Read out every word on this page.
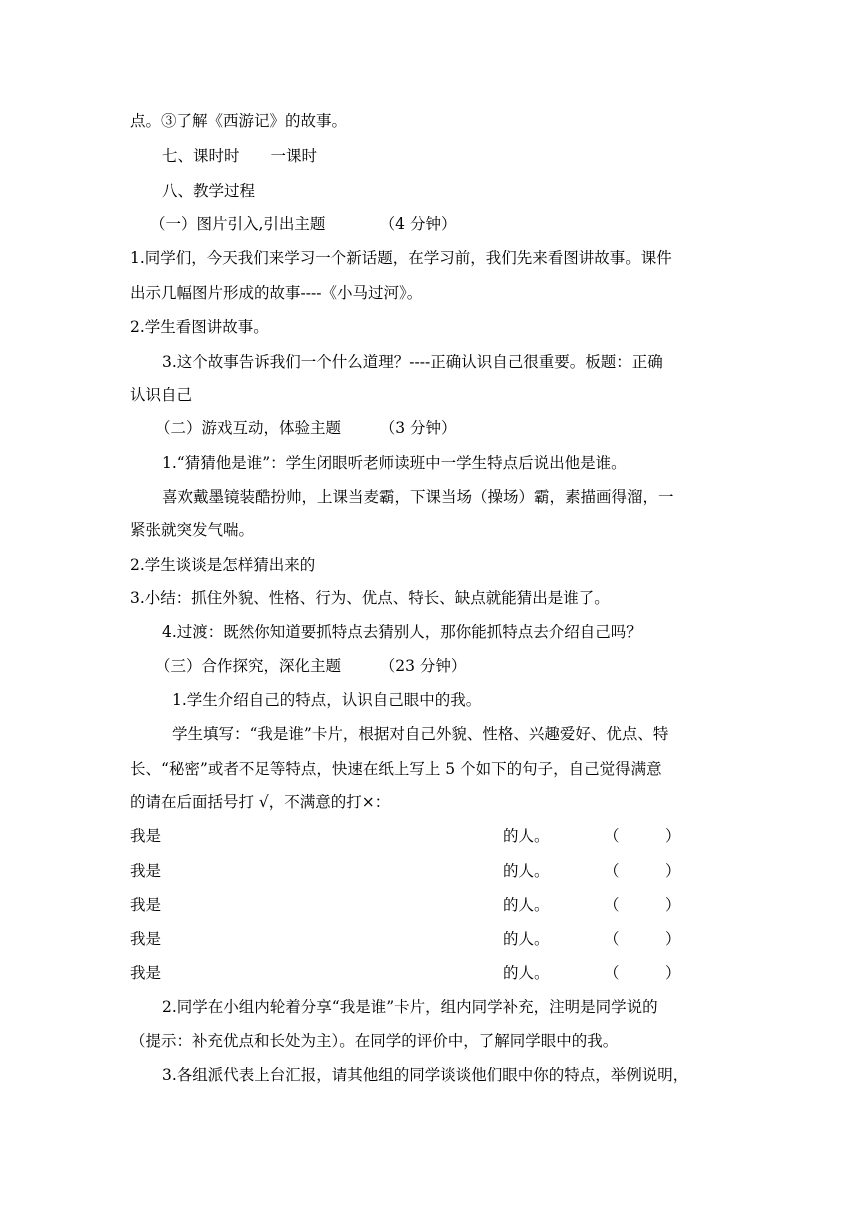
点。③了解《西游记》的故事。
七、课时时　　一课时
八、教学过程
（一）图片引入,引出主题　　　　（4 分钟）
1.同学们，今天我们来学习一个新话题，在学习前，我们先来看图讲故事。课件
出示几幅图片形成的故事----《小马过河》。
2.学生看图讲故事。
3.这个故事告诉我们一个什么道理？----正确认识自己很重要。板题：正确
认识自己
（二）游戏互动，体验主题　　　（3 分钟）
1.“猜猜他是谁”：学生闭眼听老师读班中一学生特点后说出他是谁。
喜欢戴墨镜装酷扮帅，上课当麦霸，下课当场（操场）霸，素描画得溜，一
紧张就突发气喘。
2.学生谈谈是怎样猜出来的
3.小结：抓住外貌、性格、行为、优点、特长、缺点就能猜出是谁了。
4.过渡：既然你知道要抓特点去猜别人，那你能抓特点去介绍自己吗？
（三）合作探究，深化主题　　　（23 分钟）
1.学生介绍自己的特点，认识自己眼中的我。
学生填写：“我是谁”卡片，根据对自己外貌、性格、兴趣爱好、优点、特
长、“秘密”或者不足等特点，快速在纸上写上 5 个如下的句子，自己觉得满意
的请在后面括号打 √，不满意的打×：
我是	的人。	（	）
我是	的人。	（	）
我是	的人。	（	）
我是	的人。	（	）
我是	的人。	（	）
2.同学在小组内轮着分享“我是谁”卡片，组内同学补充，注明是同学说的
（提示：补充优点和长处为主）。在同学的评价中，了解同学眼中的我。
3.各组派代表上台汇报，请其他组的同学谈谈他们眼中你的特点，举例说明，
